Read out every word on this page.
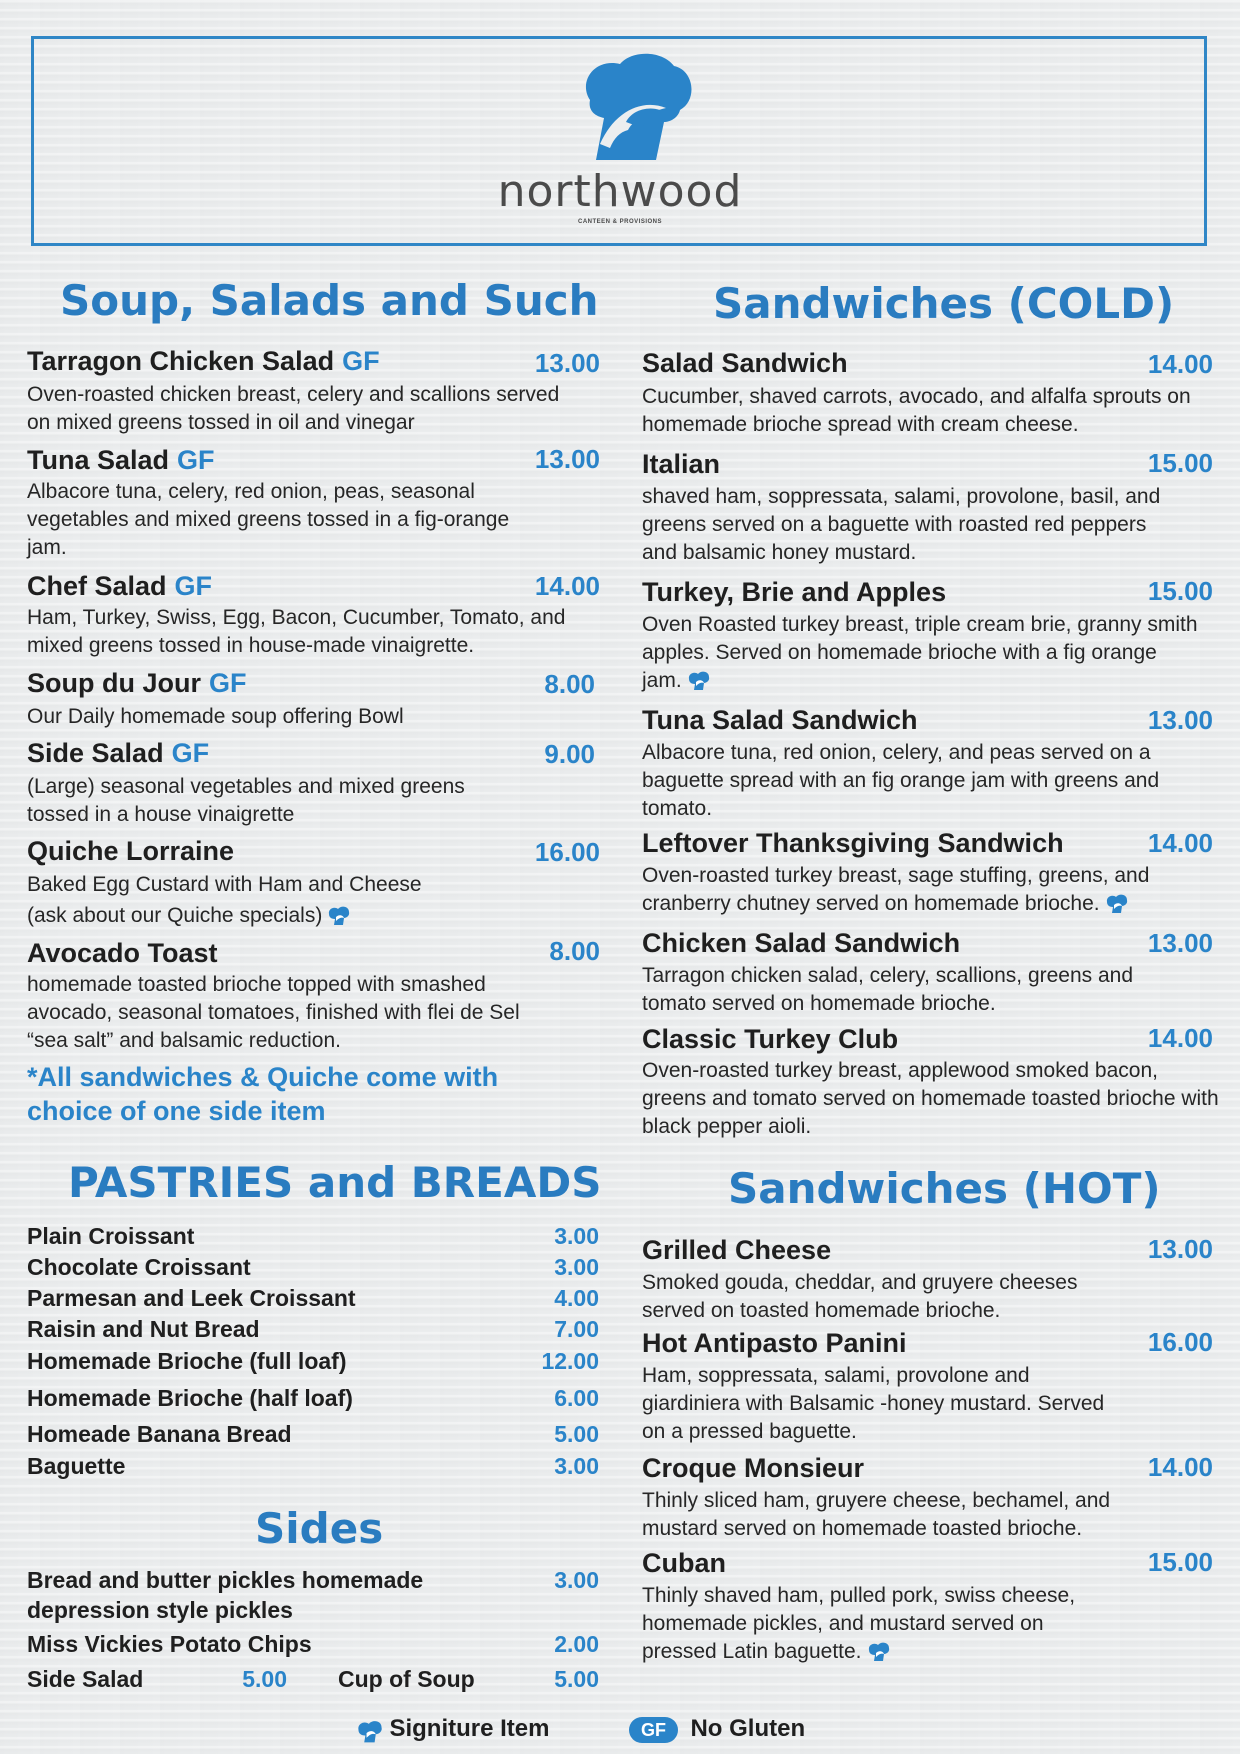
northwood
CANTEEN & PROVISIONS
Soup, Salads and Such
Tarragon Chicken Salad GF	13.00
Oven-roasted chicken breast, celery and scallions served on mixed greens tossed in oil and vinegar
Tuna Salad GF	13.00
Albacore tuna, celery, red onion, peas, seasonal vegetables and mixed greens tossed in a fig-orange jam.
Chef Salad GF	14.00
Ham, Turkey, Swiss, Egg, Bacon, Cucumber, Tomato, and mixed greens tossed in house-made vinaigrette.
Soup du Jour GF	8.00
Our Daily homemade soup offering Bowl
Side Salad GF	9.00
(Large) seasonal vegetables and mixed greens tossed in a house vinaigrette
Quiche Lorraine	16.00
Baked Egg Custard with Ham and Cheese
(ask about our Quiche specials)
Avocado Toast	8.00
homemade toasted brioche topped with smashed avocado, seasonal tomatoes, finished with flei de Sel “sea salt” and balsamic reduction.
*All sandwiches & Quiche come with choice of one side item
Sandwiches (COLD)
Salad Sandwich	14.00
Cucumber, shaved carrots, avocado, and alfalfa sprouts on homemade brioche spread with cream cheese.
Italian	15.00
shaved ham, soppressata, salami, provolone, basil, and greens served on a baguette with roasted red peppers and balsamic honey mustard.
Turkey, Brie and Apples	15.00
Oven Roasted turkey breast, triple cream brie, granny smith apples. Served on homemade brioche with a fig orange jam.
Tuna Salad Sandwich	13.00
Albacore tuna, red onion, celery, and peas served on a baguette spread with an fig orange jam with greens and tomato.
Leftover Thanksgiving Sandwich	14.00
Oven-roasted turkey breast, sage stuffing, greens, and cranberry chutney served on homemade brioche.
Chicken Salad Sandwich	13.00
Tarragon chicken salad, celery, scallions, greens and tomato served on homemade brioche.
Classic Turkey Club	14.00
Oven-roasted turkey breast, applewood smoked bacon, greens and tomato served on homemade toasted brioche with black pepper aioli.
PASTRIES and BREADS
Plain Croissant	3.00
Chocolate Croissant	3.00
Parmesan and Leek Croissant	4.00
Raisin and Nut Bread	7.00
Homemade Brioche (full loaf)	12.00
Homemade Brioche (half loaf)	6.00
Homeade Banana Bread	5.00
Baguette	3.00
Sides
Bread and butter pickles homemade	3.00
depression style pickles
Miss Vickies Potato Chips	2.00
Side Salad	5.00 Cup of Soup	5.00
Sandwiches (HOT)
Grilled Cheese	13.00
Smoked gouda, cheddar, and gruyere cheeses served on toasted homemade brioche.
Hot Antipasto Panini	16.00
Ham, soppressata, salami, provolone and giardiniera with Balsamic -honey mustard. Served on a pressed baguette.
Croque Monsieur	14.00
Thinly sliced ham, gruyere cheese, bechamel, and mustard served on homemade toasted brioche.
Cuban	15.00
Thinly shaved ham, pulled pork, swiss cheese, homemade pickles, and mustard served on pressed Latin baguette.
Signiture Item	GF No Gluten
